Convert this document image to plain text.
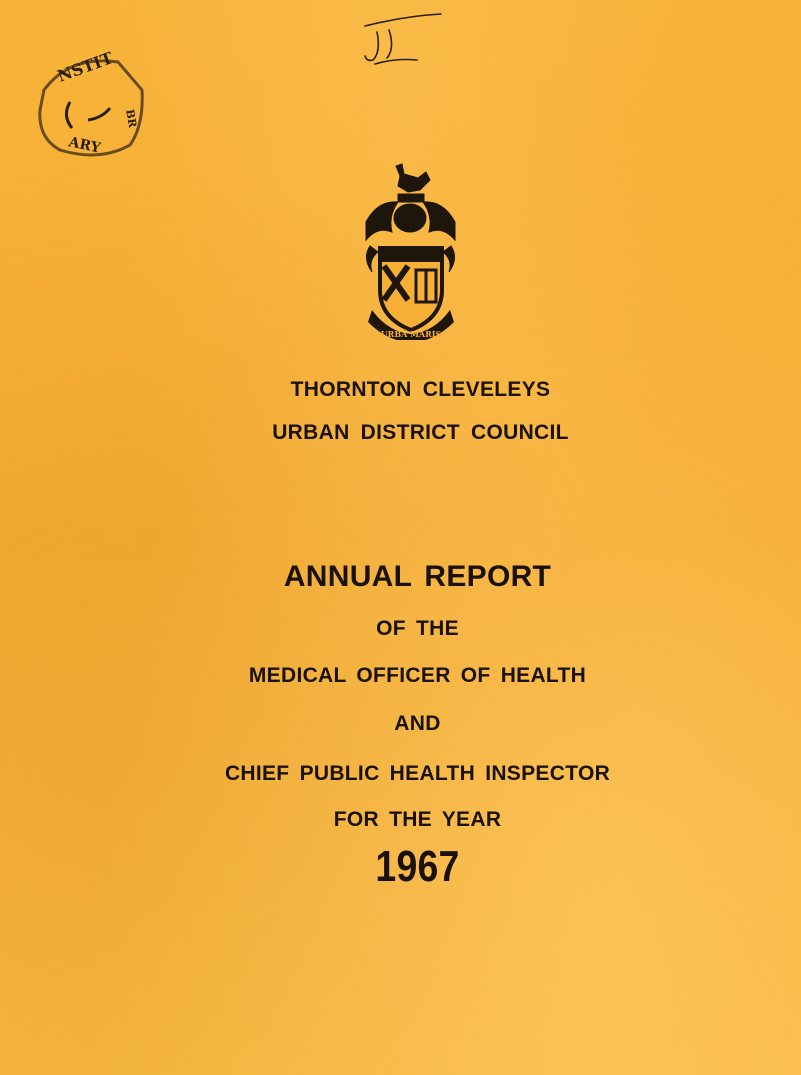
NSTIT
ARY
BR
URBA MARIS
THORNTON CLEVELEYS
URBAN DISTRICT COUNCIL
ANNUAL REPORT
OF THE
MEDICAL OFFICER OF HEALTH
AND
CHIEF PUBLIC HEALTH INSPECTOR
FOR THE YEAR
1967
